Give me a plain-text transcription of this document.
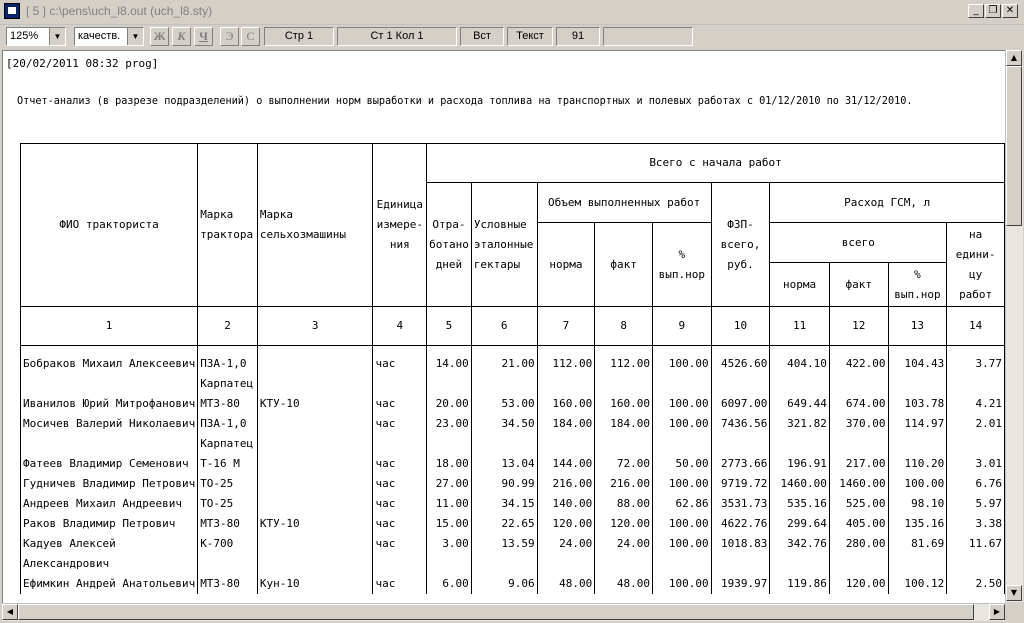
[ 5 ] c:\pens\uch_l8.out (uch_l8.sty)	_	❐ ✕
125%	▼	качеств.	▼ Ж К	Ч	Э	С	Стр 1	Ст 1 Кол 1	Вст	Текст	91
[20/02/2011 08:32 prog]
Отчет-анализ (в разрезе подразделений) о выполнении норм выработки и расхода топлива на транспортных и полевых работах с 01/12/2010 по 31/12/2010.
ФИО тракториста	Марка трактора	Марка сельхозмашины	Единица измере-ния	Всего с начала работ									
				Отра-ботано дней	Условные эталонные гектары	Объем выполненных работ			ФЗП-всего, руб.	Расход ГСМ, л			
						норма	факт	% вып.нор		всего			на едини-цу работ
										норма	факт	% вып.нор	
1	2	3	4	5	6	7	8	9	10	11	12	13	14

Бобраков Михаил Алексеевич	ПЗА-1,0		час	14.00	21.00	112.00	112.00	100.00	4526.60	404.10	422.00	104.43	3.77
	Карпатец												
Иванилов Юрий Митрофанович	МТЗ-80	КТУ-10	час	20.00	53.00	160.00	160.00	100.00	6097.00	649.44	674.00	103.78	4.21
Мосичев Валерий Николаевич	ПЗА-1,0		час	23.00	34.50	184.00	184.00	100.00	7436.56	321.82	370.00	114.97	2.01
	Карпатец												
Фатеев Владимир Семенович	Т-16 М		час	18.00	13.04	144.00	72.00	50.00	2773.66	196.91	217.00	110.20	3.01
Гудничев Владимир Петрович	ТО-25		час	27.00	90.99	216.00	216.00	100.00	9719.72	1460.00	1460.00	100.00	6.76
Андреев Михаил Андреевич	ТО-25		час	11.00	34.15	140.00	88.00	62.86	3531.73	535.16	525.00	98.10	5.97
Раков Владимир Петрович	МТЗ-80	КТУ-10	час	15.00	22.65	120.00	120.00	100.00	4622.76	299.64	405.00	135.16	3.38
Кадуев Алексей	К-700		час	3.00	13.59	24.00	24.00	100.00	1018.83	342.76	280.00	81.69	11.67
Александрович													
Ефимкин Андрей Анатольевич	МТЗ-80	Кун-10	час	6.00	9.06	48.00	48.00	100.00	1939.97	119.86	120.00	100.12	2.50
▲
▼
◀	▶
